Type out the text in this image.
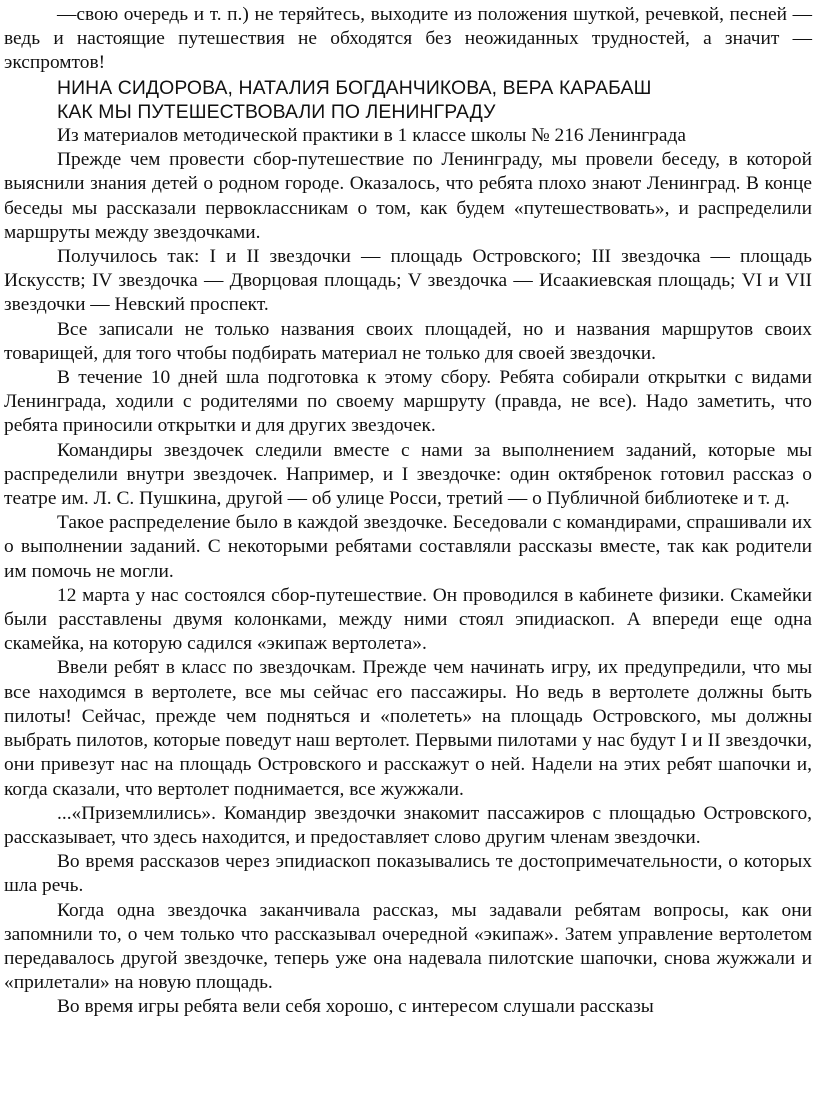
—свою очередь и т. п.) не теряйтесь, выходите из положения шуткой, речевкой, песней — ведь и настоящие путешествия не обходятся без неожиданных трудностей, а значит — экспромтов!

НИНА СИДОРОВА, НАТАЛИЯ БОГДАНЧИКОВА, ВЕРА КАРАБАШ

КАК МЫ ПУТЕШЕСТВОВАЛИ ПО ЛЕНИНГРАДУ

Из материалов методической практики в 1 классе школы № 216 Ленинграда

Прежде чем провести сбор-путешествие по Ленинграду, мы провели беседу, в которой выяснили знания детей о родном городе. Оказалось, что ребята плохо знают Ленинград. В конце беседы мы рассказали первоклассникам о том, как будем «путешествовать», и распределили маршруты между звездочками.

Получилось так: I и II звездочки — площадь Островского; III звездочка — площадь Искусств; IV звездочка — Дворцовая площадь; V звездочка — Исаакиевская площадь; VI и VII звездочки — Невский проспект.

Все записали не только названия своих площадей, но и названия маршрутов своих товарищей, для того чтобы подбирать материал не только для своей звездочки.

В течение 10 дней шла подготовка к этому сбору. Ребята собирали открытки с видами Ленинграда, ходили с родителями по своему маршруту (правда, не все). Надо заметить, что ребята приносили открытки и для других звездочек.

Командиры звездочек следили вместе с нами за выполнением заданий, которые мы распределили внутри звездочек. Например, и I звездочке: один октябренок готовил рассказ о театре им. Л. С. Пушкина, другой — об улице Росси, третий — о Публичной библиотеке и т. д.

Такое распределение было в каждой звездочке. Беседовали с командирами, спрашивали их о выполнении заданий. С некоторыми ребятами составляли рассказы вместе, так как родители им помочь не могли.

12 марта у нас состоялся сбор-путешествие. Он проводился в кабинете физики. Скамейки были расставлены двумя колонками, между ними стоял эпидиаскоп. А впереди еще одна скамейка, на которую садился «экипаж вертолета».

Ввели ребят в класс по звездочкам. Прежде чем начинать игру, их предупредили, что мы все находимся в вертолете, все мы сейчас его пассажиры. Но ведь в вертолете должны быть пилоты! Сейчас, прежде чем подняться и «полететь» на площадь Островского, мы должны выбрать пилотов, которые поведут наш вертолет. Первыми пилотами у нас будут I и II звездочки, они привезут нас на площадь Островского и расскажут о ней. Надели на этих ребят шапочки и, когда сказали, что вертолет поднимается, все жужжали.

...«Приземлились». Командир звездочки знакомит пассажиров с площадью Островского, рассказывает, что здесь находится, и предоставляет слово другим членам звездочки.

Во время рассказов через эпидиаскоп показывались те достопримечательности, о которых шла речь.

Когда одна звездочка заканчивала рассказ, мы задавали ребятам вопросы, как они запомнили то, о чем только что рассказывал очередной «экипаж». Затем управление вертолетом передавалось другой звездочке, теперь уже она надевала пилотские шапочки, снова жужжали и «прилетали» на новую площадь.

Во время игры ребята вели себя хорошо, с интересом слушали рассказы
